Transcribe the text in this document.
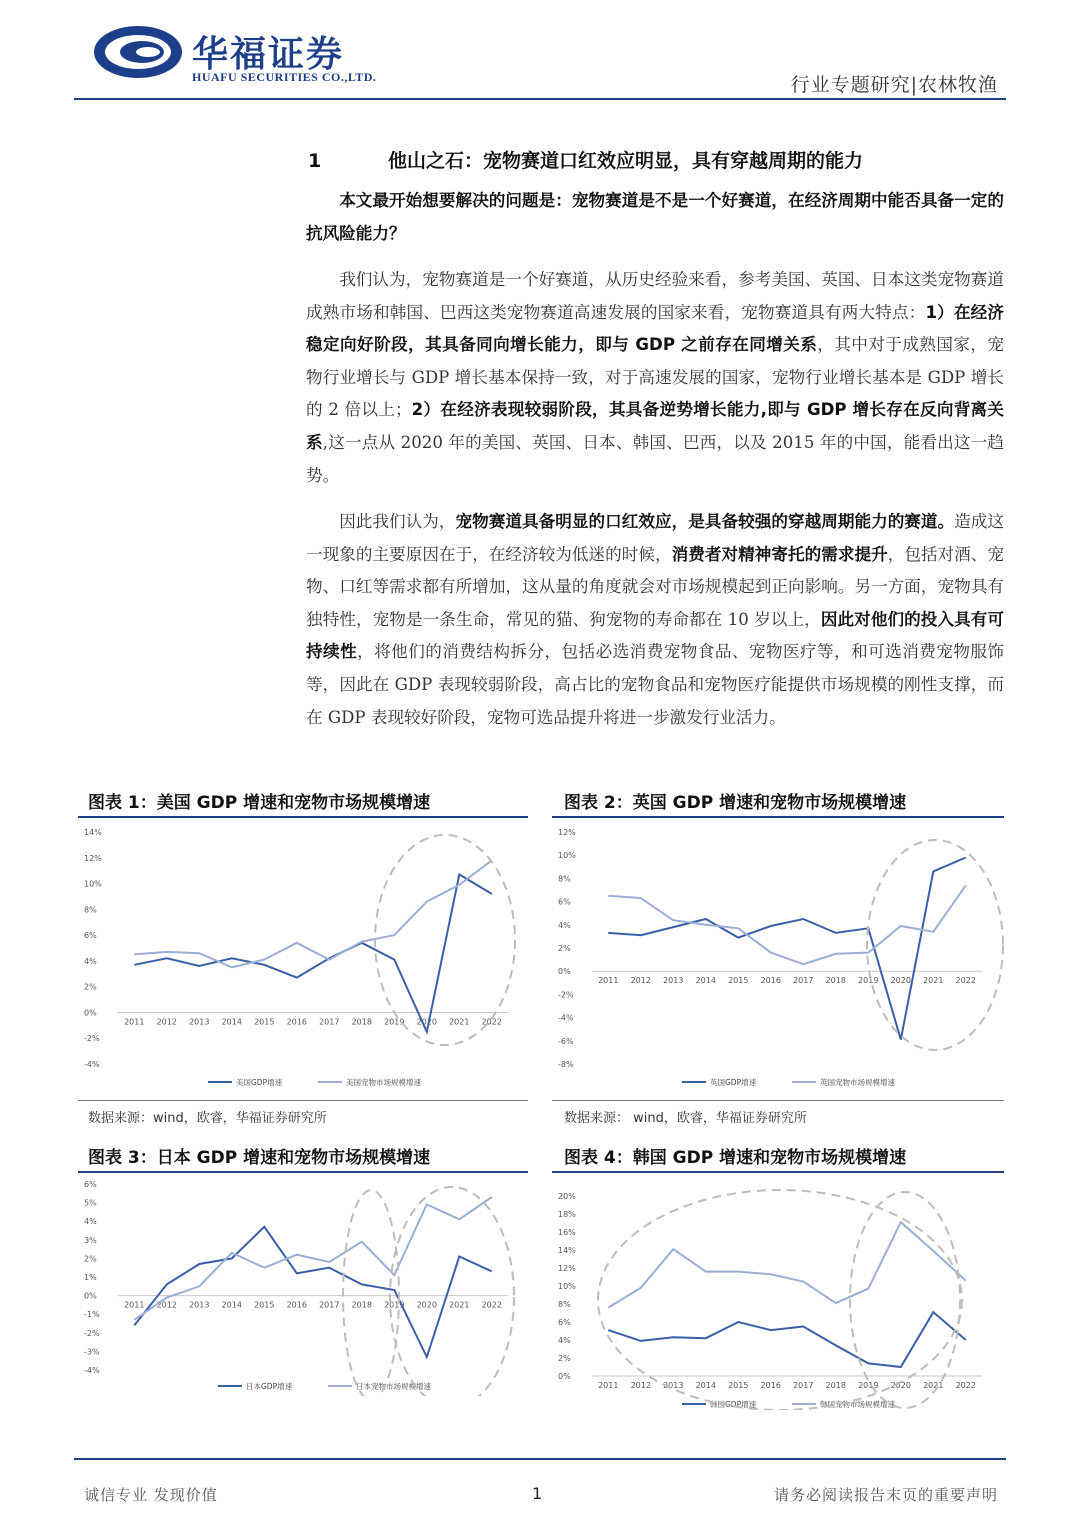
华福证券
HUAFU SECURITIES CO.,LTD.	行业专题研究|农林牧渔
1	他山之石：宠物赛道口红效应明显，具有穿越周期的能力
本文最开始想要解决的问题是：宠物赛道是不是一个好赛道，在经济周期中能否具备一定的抗风险能力？
我们认为，宠物赛道是一个好赛道，从历史经验来看，参考美国、英国、日本这类宠物赛道成熟市场和韩国、巴西这类宠物赛道高速发展的国家来看，宠物赛道具有两大特点：1）在经济稳定向好阶段，其具备同向增长能力，即与 GDP 之前存在同增关系，其中对于成熟国家，宠物行业增长与 GDP 增长基本保持一致，对于高速发展的国家，宠物行业增长基本是 GDP 增长的 2 倍以上；2）在经济表现较弱阶段，其具备逆势增长能力,即与 GDP 增长存在反向背离关系,这一点从 2020 年的美国、英国、日本、韩国、巴西，以及 2015 年的中国，能看出这一趋势。
因此我们认为，宠物赛道具备明显的口红效应，是具备较强的穿越周期能力的赛道。造成这一现象的主要原因在于，在经济较为低迷的时候，消费者对精神寄托的需求提升，包括对酒、宠物、口红等需求都有所增加，这从量的角度就会对市场规模起到正向影响。另一方面，宠物具有独特性，宠物是一条生命，常见的猫、狗宠物的寿命都在 10 岁以上，因此对他们的投入具有可持续性，将他们的消费结构拆分，包括必选消费宠物食品、宠物医疗等，和可选消费宠物服饰等，因此在 GDP 表现较弱阶段，高占比的宠物食品和宠物医疗能提供市场规模的刚性支撑，而在 GDP 表现较好阶段，宠物可选品提升将进一步激发行业活力。
图表 1：美国 GDP 增速和宠物市场规模增速
14%
12%
10%
8%
6%
4%
2%
0%
-2%
-4%
2011 2012 2013 2014 2015 2016 2017 2018 2019 2020 2021 2022
美国GDP增速	美国宠物市场规模增速
数据来源：wind，欧睿，华福证券研究所
图表 2：英国 GDP 增速和宠物市场规模增速
12%
10%
8%
6%
4%
2%
0%
-2%
-4%
-6%
-8%
2011 2012 2013 2014 2015 2016 2017 2018 2019 2020 2021 2022
英国GDP增速	英国宠物市场规模增速
数据来源： wind，欧睿，华福证券研究所
图表 3：日本 GDP 增速和宠物市场规模增速
6%
5%
4%
3%
2%
1%
0%
-1%
-2%
-3%
-4%
2011 2012 2013 2014 2015 2016 2017 2018 2019 2020 2021 2022
日本GDP增速	日本宠物市场规模增速
图表 4：韩国 GDP 增速和宠物市场规模增速
20%
18%
16%
14%
12%
10%
8%
6%
4%
2%
0%
2011 2012 2013 2014 2015 2016 2017 2018 2019 2020 2021 2022
韩国GDP增速	韩国宠物市场规模增速
诚信专业 发现价值	1	请务必阅读报告末页的重要声明
